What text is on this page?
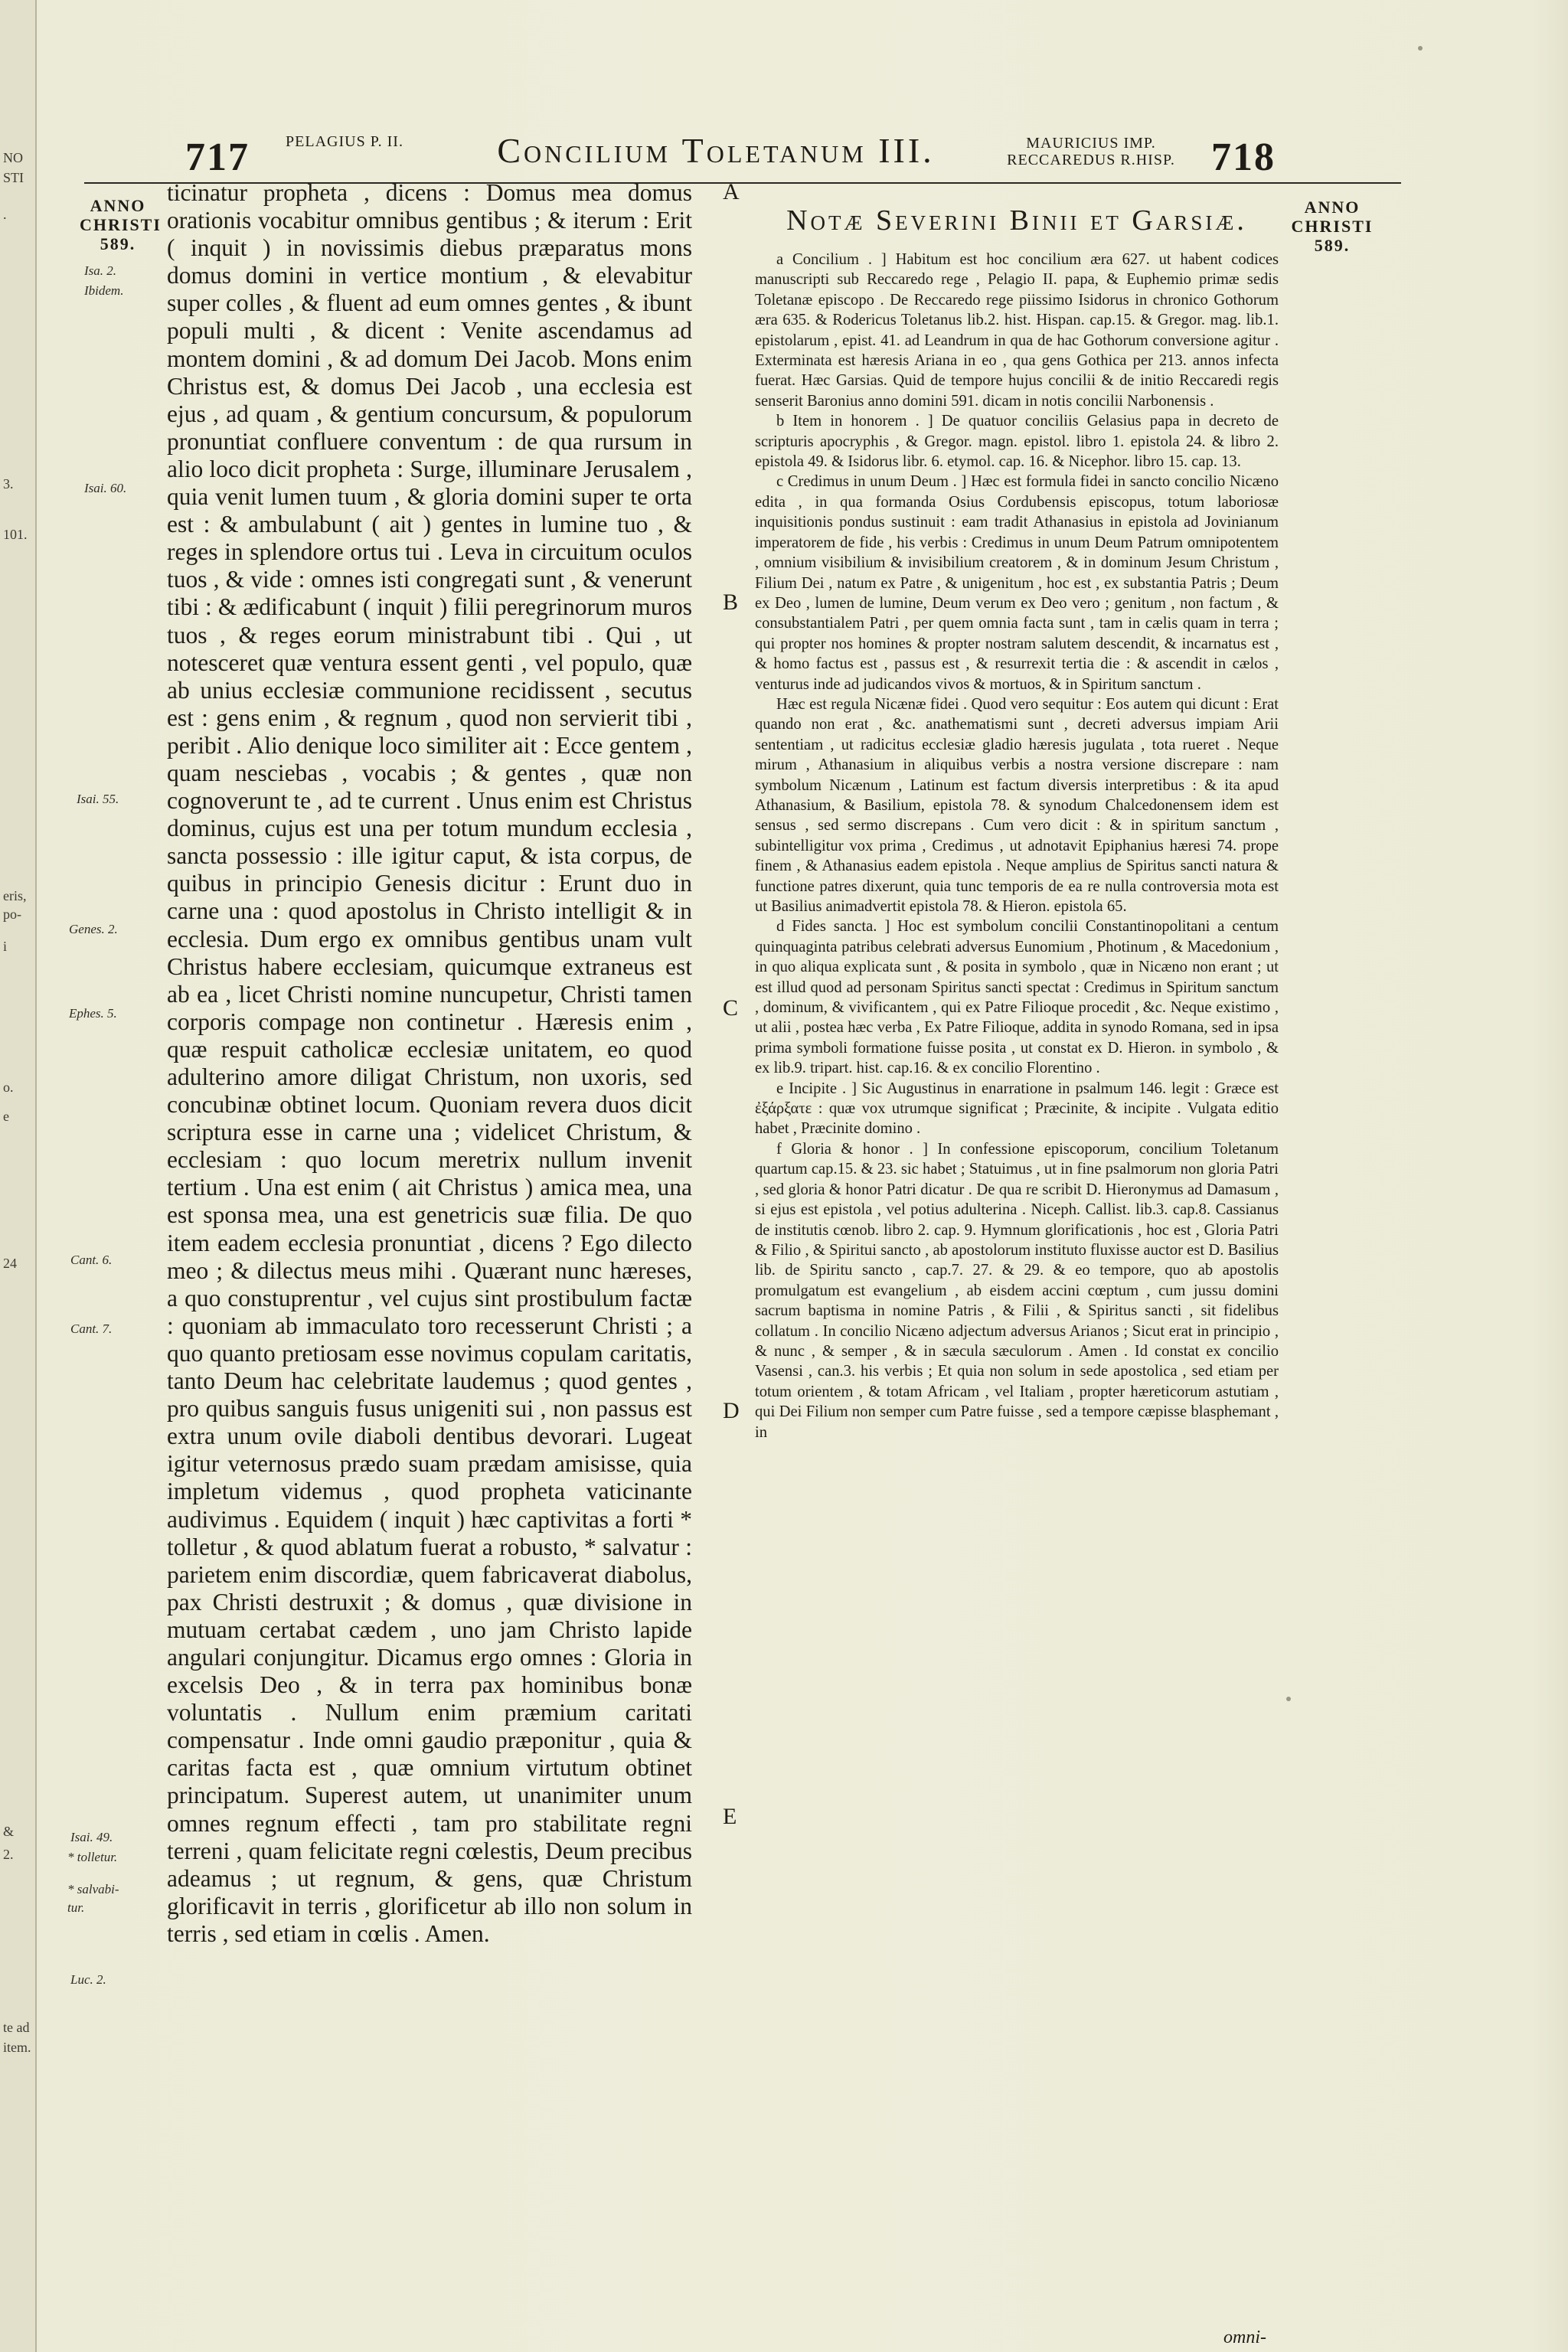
NO
STI
.
3.
101.
eris,
po-
i
o.
e
24
&
2.
te ad
item.
717 PELAGIUS P. II.	Concilium Toletanum III.	MAURICIUS IMP. RECCAREDUS R.HISP. 718
ANNO CHRISTI 589.
ANNO CHRISTI 589.
Isa. 2.
Ibidem.
Isai. 60.
Isai. 55.
Genes. 2.
Ephes. 5.
Cant. 6.
Cant. 7.
Isai. 49.
* tolletur.
* salvabi-
tur.
Luc. 2.
A
B
C
D
E

ticinatur propheta , dicens : Domus mea domus orationis vocabitur omnibus gentibus ; & iterum : Erit ( inquit ) in novissimis diebus præparatus mons domus domini in vertice montium , & elevabitur super colles , & fluent ad eum omnes gentes , & ibunt populi multi , & dicent : Venite ascendamus ad montem domini , & ad domum Dei Jacob. Mons enim Christus est, & domus Dei Jacob , una ecclesia est ejus , ad quam , & gentium concursum, & populorum pronuntiat confluere conventum : de qua rursum in alio loco dicit propheta : Surge, illuminare Jerusalem , quia venit lumen tuum , & gloria domini super te orta est : & ambulabunt ( ait ) gentes in lumine tuo , & reges in splendore ortus tui . Leva in circuitum oculos tuos , & vide : omnes isti congregati sunt , & venerunt tibi : & ædificabunt ( inquit ) filii peregrinorum muros tuos , & reges eorum ministrabunt tibi . Qui , ut notesceret quæ ventura essent genti , vel populo, quæ ab unius ecclesiæ communione recidissent , secutus est : gens enim , & regnum , quod non servierit tibi , peribit . Alio denique loco similiter ait : Ecce gentem , quam nesciebas , vocabis ; & gentes , quæ non cognoverunt te , ad te current . Unus enim est Christus dominus, cujus est una per totum mundum ecclesia , sancta possessio : ille igitur caput, & ista corpus, de quibus in principio Genesis dicitur : Erunt duo in carne una : quod apostolus in Christo intelligit & in ecclesia. Dum ergo ex omnibus gentibus unam vult Christus habere ecclesiam, quicumque extraneus est ab ea , licet Christi nomine nuncupetur, Christi tamen corporis compage non continetur . Hæresis enim , quæ respuit catholicæ ecclesiæ unitatem, eo quod adulterino amore diligat Christum, non uxoris, sed concubinæ obtinet locum. Quoniam revera duos dicit scriptura esse in carne una ; videlicet Christum, & ecclesiam : quo locum meretrix nullum invenit tertium . Una est enim ( ait Christus ) amica mea, una est sponsa mea, una est genetricis suæ filia. De quo item eadem ecclesia pronuntiat , dicens ? Ego dilecto meo ; & dilectus meus mihi . Quærant nunc hæreses, a quo constuprentur , vel cujus sint prostibulum factæ : quoniam ab immaculato toro recesserunt Christi ; a quo quanto pretiosam esse novimus copulam caritatis, tanto Deum hac celebritate laudemus ; quod gentes , pro quibus sanguis fusus unigeniti sui , non passus est extra unum ovile diaboli dentibus devorari. Lugeat igitur veternosus prædo suam prædam amisisse, quia impletum videmus , quod propheta vaticinante audivimus . Equidem ( inquit ) hæc captivitas a forti * tolletur , & quod ablatum fuerat a robusto, * salvatur : parietem enim discordiæ, quem fabricaverat diabolus, pax Christi destruxit ; & domus , quæ divisione in mutuam certabat cædem , uno jam Christo lapide angulari conjungitur. Dicamus ergo omnes : Gloria in excelsis Deo , & in terra pax hominibus bonæ voluntatis . Nullum enim præmium caritati compensatur . Inde omni gaudio præponitur , quia & caritas facta est , quæ omnium virtutum obtinet principatum. Superest autem, ut unanimiter unum omnes regnum effecti , tam pro stabilitate regni terreni , quam felicitate regni cœlestis, Deum precibus adeamus ; ut regnum, & gens, quæ Christum glorificavit in terris , glorificetur ab illo non solum in terris , sed etiam in cœlis . Amen.

Notæ Severini Binii et Garsiæ.

a Concilium . ] Habitum est hoc concilium æra 627. ut habent codices manuscripti sub Reccaredo rege , Pelagio II. papa, & Euphemio primæ sedis Toletanæ episcopo . De Reccaredo rege piissimo Isidorus in chronico Gothorum æra 635. & Rodericus Toletanus lib.2. hist. Hispan. cap.15. & Gregor. mag. lib.1. epistolarum , epist. 41. ad Leandrum in qua de hac Gothorum conversione agitur . Exterminata est hæresis Ariana in eo , qua gens Gothica per 213. annos infecta fuerat. Hæc Garsias. Quid de tempore hujus concilii & de initio Reccaredi regis senserit Baronius anno domini 591. dicam in notis concilii Narbonensis .

b Item in honorem . ] De quatuor conciliis Gelasius papa in decreto de scripturis apocryphis , & Gregor. magn. epistol. libro 1. epistola 24. & libro 2. epistola 49. & Isidorus libr. 6. etymol. cap. 16. & Nicephor. libro 15. cap. 13.

c Credimus in unum Deum . ] Hæc est formula fidei in sancto concilio Nicæno edita , in qua formanda Osius Cordubensis episcopus, totum laboriosæ inquisitionis pondus sustinuit : eam tradit Athanasius in epistola ad Jovinianum imperatorem de fide , his verbis : Credimus in unum Deum Patrum omnipotentem , omnium visibilium & invisibilium creatorem , & in dominum Jesum Christum , Filium Dei , natum ex Patre , & unigenitum , hoc est , ex substantia Patris ; Deum ex Deo , lumen de lumine, Deum verum ex Deo vero ; genitum , non factum , & consubstantialem Patri , per quem omnia facta sunt , tam in cælis quam in terra ; qui propter nos homines & propter nostram salutem descendit, & incarnatus est , & homo factus est , passus est , & resurrexit tertia die : & ascendit in cælos , venturus inde ad judicandos vivos & mortuos, & in Spiritum sanctum .

Hæc est regula Nicænæ fidei . Quod vero sequitur : Eos autem qui dicunt : Erat quando non erat , &c. anathematismi sunt , decreti adversus impiam Arii sententiam , ut radicitus ecclesiæ gladio hæresis jugulata , tota rueret . Neque mirum , Athanasium in aliquibus verbis a nostra versione discrepare : nam symbolum Nicænum , Latinum est factum diversis interpretibus : & ita apud Athanasium, & Basilium, epistola 78. & synodum Chalcedonensem idem est sensus , sed sermo discrepans . Cum vero dicit : & in spiritum sanctum , subintelligitur vox prima , Credimus , ut adnotavit Epiphanius hæresi 74. prope finem , & Athanasius eadem epistola . Neque amplius de Spiritus sancti natura & functione patres dixerunt, quia tunc temporis de ea re nulla controversia mota est ut Basilius animadvertit epistola 78. & Hieron. epistola 65.

d Fides sancta. ] Hoc est symbolum concilii Constantinopolitani a centum quinquaginta patribus celebrati adversus Eunomium , Photinum , & Macedonium , in quo aliqua explicata sunt , & posita in symbolo , quæ in Nicæno non erant ; ut est illud quod ad personam Spiritus sancti spectat : Credimus in Spiritum sanctum , dominum, & vivificantem , qui ex Patre Filioque procedit , &c. Neque existimo , ut alii , postea hæc verba , Ex Patre Filioque, addita in synodo Romana, sed in ipsa prima symboli formatione fuisse posita , ut constat ex D. Hieron. in symbolo , & ex lib.9. tripart. hist. cap.16. & ex concilio Florentino .

e Incipite . ] Sic Augustinus in enarratione in psalmum 146. legit : Græce est ἐξάρξατε : quæ vox utrumque significat ; Præcinite, & incipite . Vulgata editio habet , Præcinite domino .

f Gloria & honor . ] In confessione episcoporum, concilium Toletanum quartum cap.15. & 23. sic habet ; Statuimus , ut in fine psalmorum non gloria Patri , sed gloria & honor Patri dicatur . De qua re scribit D. Hieronymus ad Damasum , si ejus est epistola , vel potius adulterina . Niceph. Callist. lib.3. cap.8. Cassianus de institutis cœnob. libro 2. cap. 9. Hymnum glorificationis , hoc est , Gloria Patri & Filio , & Spiritui sancto , ab apostolorum instituto fluxisse auctor est D. Basilius lib. de Spiritu sancto , cap.7. 27. & 29. & eo tempore, quo ab apostolis promulgatum est evangelium , ab eisdem accini cœptum , cum jussu domini sacrum baptisma in nomine Patris , & Filii , & Spiritus sancti , sit fidelibus collatum . In concilio Nicæno adjectum adversus Arianos ; Sicut erat in principio , & nunc , & semper , & in sæcula sæculorum . Amen . Id constat ex concilio Vasensi , can.3. his verbis ; Et quia non solum in sede apostolica , sed etiam per totum orientem , & totam Africam , vel Italiam , propter hæreticorum astutiam , qui Dei Filium non semper cum Patre fuisse , sed a tempore cæpisse blasphemant , in

omni-
